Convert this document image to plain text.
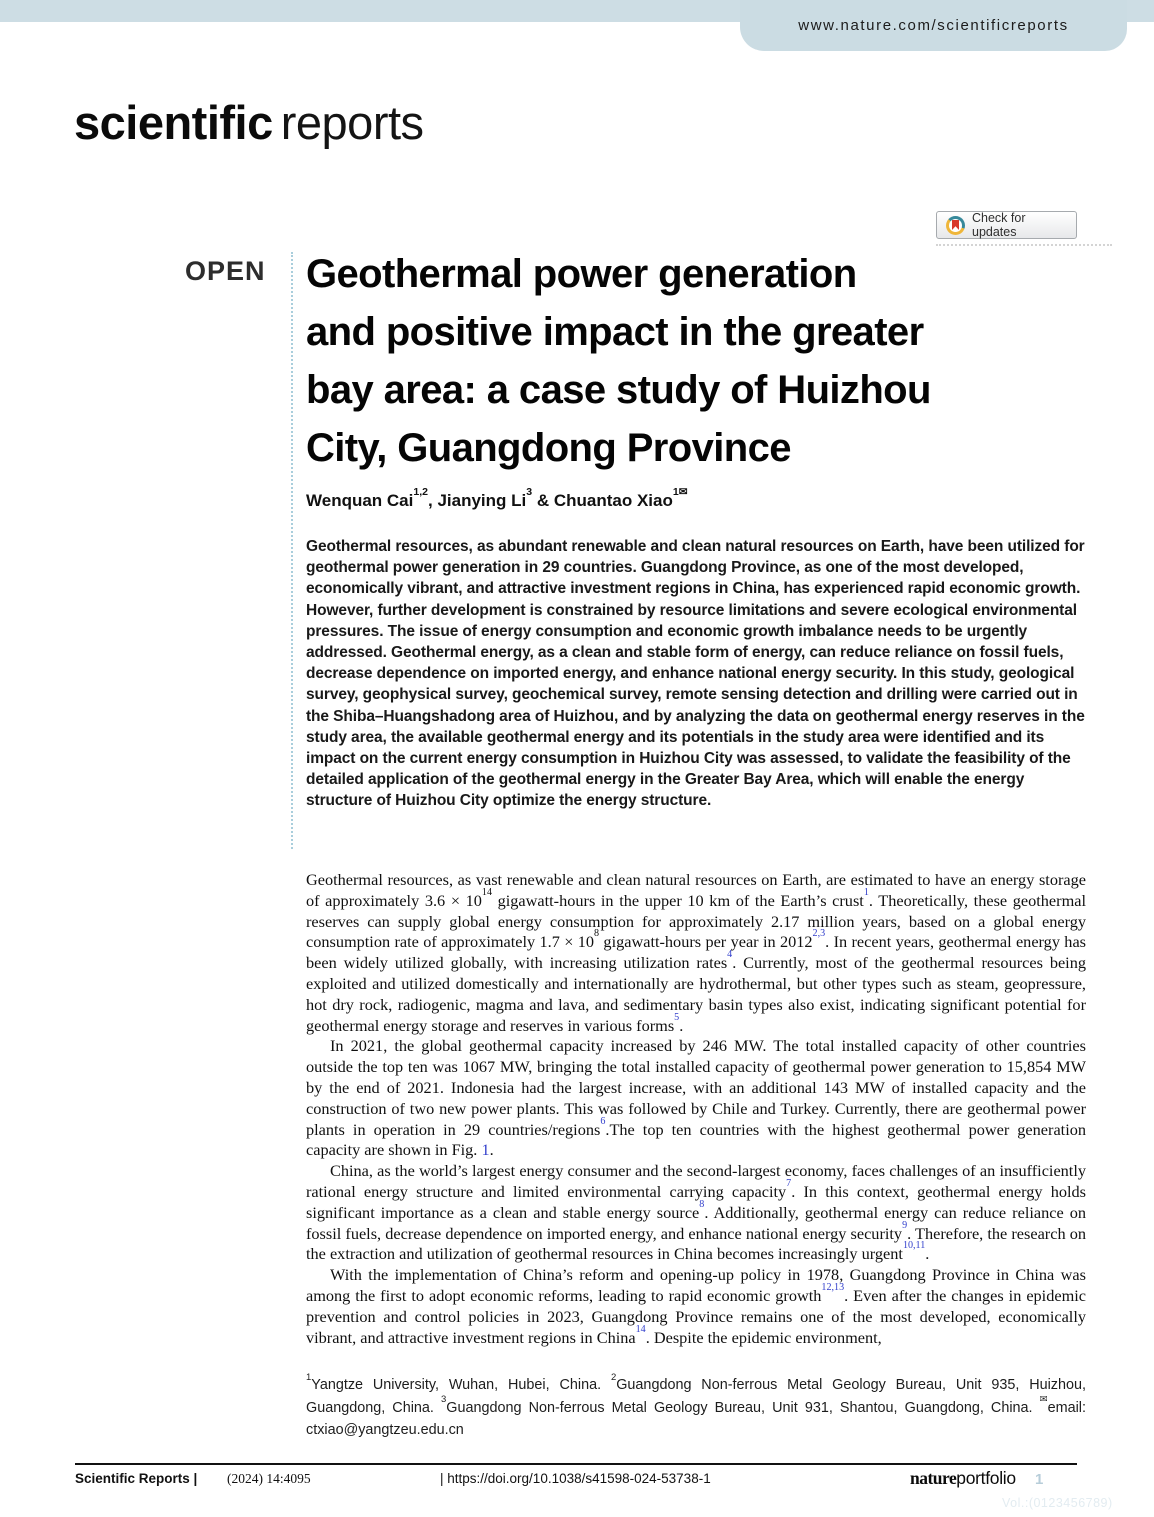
www.nature.com/scientificreports
scientific reports
Check for updates
OPEN Geothermal power generation
and positive impact in the greater
bay area: a case study of Huizhou
City, Guangdong Province
Wenquan Cai$^{1,2}$, Jianying Li$^3$ & Chuantao Xiao$^{1✉}$
Geothermal resources, as abundant renewable and clean natural resources on Earth, have been utilized for geothermal power generation in 29 countries. Guangdong Province, as one of the most developed, economically vibrant, and attractive investment regions in China, has experienced rapid economic growth. However, further development is constrained by resource limitations and severe ecological environmental pressures. The issue of energy consumption and economic growth imbalance needs to be urgently addressed. Geothermal energy, as a clean and stable form of energy, can reduce reliance on fossil fuels, decrease dependence on imported energy, and enhance national energy security. In this study, geological survey, geophysical survey, geochemical survey, remote sensing detection and drilling were carried out in the Shiba–Huangshadong area of Huizhou, and by analyzing the data on geothermal energy reserves in the study area, the available geothermal energy and its potentials in the study area were identified and its impact on the current energy consumption in Huizhou City was assessed, to validate the feasibility of the detailed application of the geothermal energy in the Greater Bay Area, which will enable the energy structure of Huizhou City optimize the energy structure.

Geothermal resources, as vast renewable and clean natural resources on Earth, are estimated to have an energy storage of approximately 3.6 × 10$^{14}$ gigawatt-hours in the upper 10 km of the Earth’s crust$^1$. Theoretically, these geothermal reserves can supply global energy consumption for approximately 2.17 million years, based on a global energy consumption rate of approximately 1.7 × 10$^8$ gigawatt-hours per year in 2012$^{2,3}$. In recent years, geothermal energy has been widely utilized globally, with increasing utilization rates$^4$. Currently, most of the geothermal resources being exploited and utilized domestically and internationally are hydrothermal, but other types such as steam, geopressure, hot dry rock, radiogenic, magma and lava, and sedimentary basin types also exist, indicating significant potential for geothermal energy storage and reserves in various forms$^5$.

In 2021, the global geothermal capacity increased by 246 MW. The total installed capacity of other countries outside the top ten was 1067 MW, bringing the total installed capacity of geothermal power generation to 15,854 MW by the end of 2021. Indonesia had the largest increase, with an additional 143 MW of installed capacity and the construction of two new power plants. This was followed by Chile and Turkey. Currently, there are geothermal power plants in operation in 29 countries/regions$^6$.The top ten countries with the highest geothermal power generation capacity are shown in Fig. 1.

China, as the world’s largest energy consumer and the second-largest economy, faces challenges of an insufficiently rational energy structure and limited environmental carrying capacity$^7$. In this context, geothermal energy holds significant importance as a clean and stable energy source$^8$. Additionally, geothermal energy can reduce reliance on fossil fuels, decrease dependence on imported energy, and enhance national energy security$^9$. Therefore, the research on the extraction and utilization of geothermal resources in China becomes increasingly urgent$^{10,11}$.

With the implementation of China’s reform and opening-up policy in 1978, Guangdong Province in China was among the first to adopt economic reforms, leading to rapid economic growth$^{12,13}$. Even after the changes in epidemic prevention and control policies in 2023, Guangdong Province remains one of the most developed, economically vibrant, and attractive investment regions in China$^{14}$. Despite the epidemic environment,

$^1$Yangtze University, Wuhan, Hubei, China. $^2$Guangdong Non-ferrous Metal Geology Bureau, Unit 935, Huizhou, Guangdong, China. $^3$Guangdong Non-ferrous Metal Geology Bureau, Unit 931, Shantou, Guangdong, China. ✉email: ctxiao@yangtzeu.edu.cn
Scientific Reports | (2024) 14:4095	| https://doi.org/10.1038/s41598-024-53738-1	natureportfolio 1
Vol.:(0123456789)
